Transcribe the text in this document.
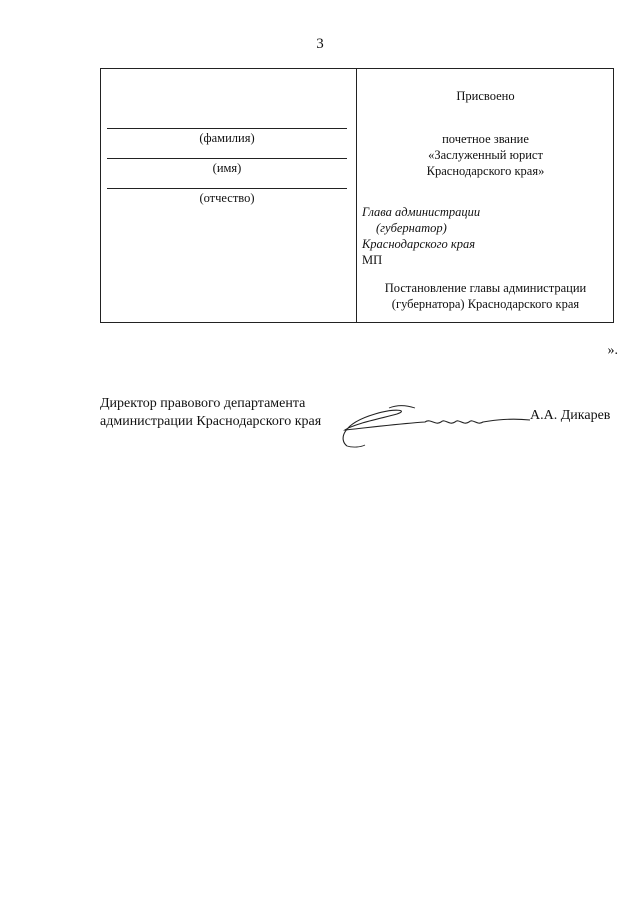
3
(фамилия)
(имя)
(отчество)
Присвоено
почетное звание
«Заслуженный юрист
Краснодарского края»
Глава администрации
(губернатор)
Краснодарского края
МП
Постановление главы администрации
(губернатора) Краснодарского края
».
Директор правового департамента
администрации Краснодарского края	А.А. Дикарев
